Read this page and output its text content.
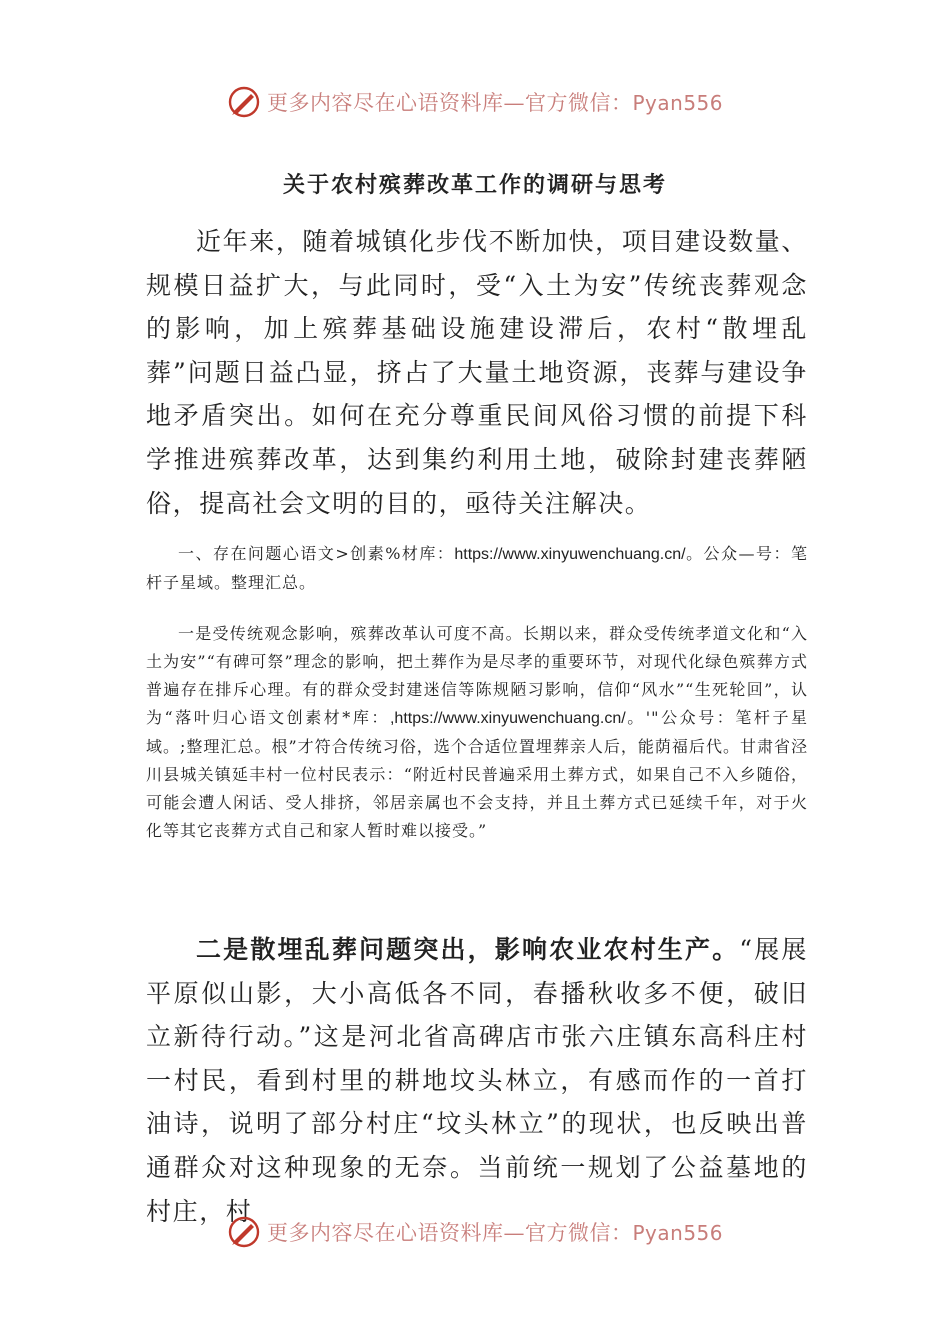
更多内容尽在心语资料库—官方微信：Pyan556
关于农村殡葬改革工作的调研与思考

近年来，随着城镇化步伐不断加快，项目建设数量、规模日益扩大，与此同时，受“入土为安”传统丧葬观念的影响，加上殡葬基础设施建设滞后，农村“散埋乱葬”问题日益凸显，挤占了大量土地资源，丧葬与建设争地矛盾突出。如何在充分尊重民间风俗习惯的前提下科学推进殡葬改革，达到集约利用土地，破除封建丧葬陋俗，提高社会文明的目的，亟待关注解决。

一、存在问题心语文>创素%材库：https://www.xinyuwenchuang.cn/。公众—号：笔杆子星域。整理汇总。

一是受传统观念影响，殡葬改革认可度不高。长期以来，群众受传统孝道文化和“入土为安”“有碑可祭”理念的影响，把土葬作为是尽孝的重要环节，对现代化绿色殡葬方式普遍存在排斥心理。有的群众受封建迷信等陈规陋习影响，信仰“风水”“生死轮回”，认为“落叶归心语文创素材*库：,https://www.xinyuwenchuang.cn/。'"公众号：笔杆子星域。;整理汇总。根”才符合传统习俗，选个合适位置埋葬亲人后，能荫福后代。甘肃省泾川县城关镇延丰村一位村民表示：“附近村民普遍采用土葬方式，如果自己不入乡随俗，可能会遭人闲话、受人排挤，邻居亲属也不会支持，并且土葬方式已延续千年，对于火化等其它丧葬方式自己和家人暂时难以接受。”

二是散埋乱葬问题突出，影响农业农村生产。“展展平原似山影，大小高低各不同，春播秋收多不便，破旧立新待行动。”这是河北省高碑店市张六庄镇东高科庄村一村民，看到村里的耕地坟头林立，有感而作的一首打油诗，说明了部分村庄“坟头林立”的现状，也反映出普通群众对这种现象的无奈。当前统一规划了公益墓地的村庄，村

更多内容尽在心语资料库—官方微信：Pyan556
